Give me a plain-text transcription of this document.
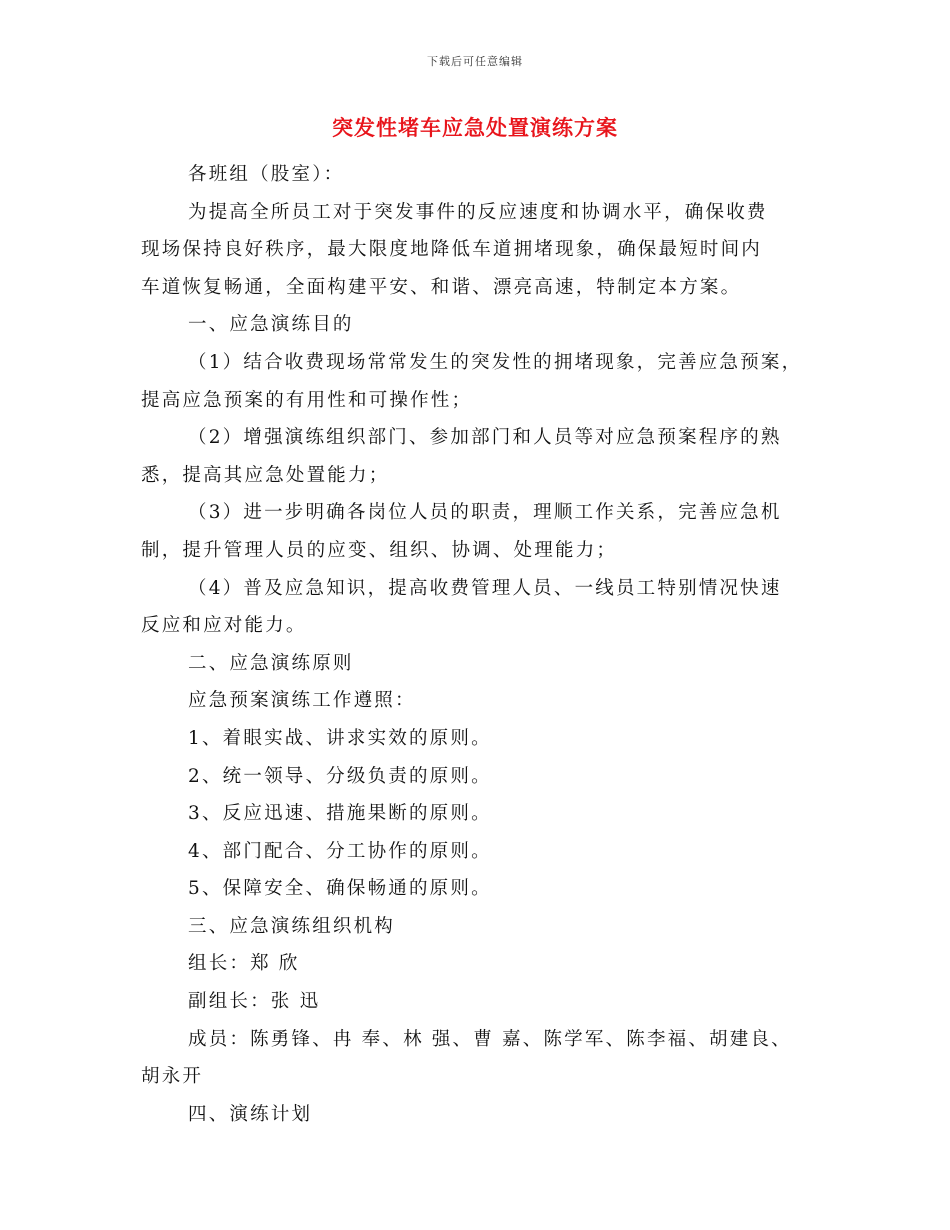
下载后可任意编辑
突发性堵车应急处置演练方案

各班组（股室）：

为提高全所员工对于突发事件的反应速度和协调水平，确保收费

现场保持良好秩序，最大限度地降低车道拥堵现象，确保最短时间内

车道恢复畅通，全面构建平安、和谐、漂亮高速，特制定本方案。

一、应急演练目的

（1）结合收费现场常常发生的突发性的拥堵现象，完善应急预案，

提高应急预案的有用性和可操作性；

（2）增强演练组织部门、参加部门和人员等对应急预案程序的熟

悉，提高其应急处置能力；

（3）进一步明确各岗位人员的职责，理顺工作关系，完善应急机

制，提升管理人员的应变、组织、协调、处理能力；

（4）普及应急知识，提高收费管理人员、一线员工特别情况快速

反应和应对能力。

二、应急演练原则

应急预案演练工作遵照：

1、着眼实战、讲求实效的原则。

2、统一领导、分级负责的原则。

3、反应迅速、措施果断的原则。

4、部门配合、分工协作的原则。

5、保障安全、确保畅通的原则。

三、应急演练组织机构

组长：郑 欣

副组长：张 迅

成员：陈勇锋、冉 奉、林 强、曹 嘉、陈学军、陈李福、胡建良、

胡永开

四、演练计划
